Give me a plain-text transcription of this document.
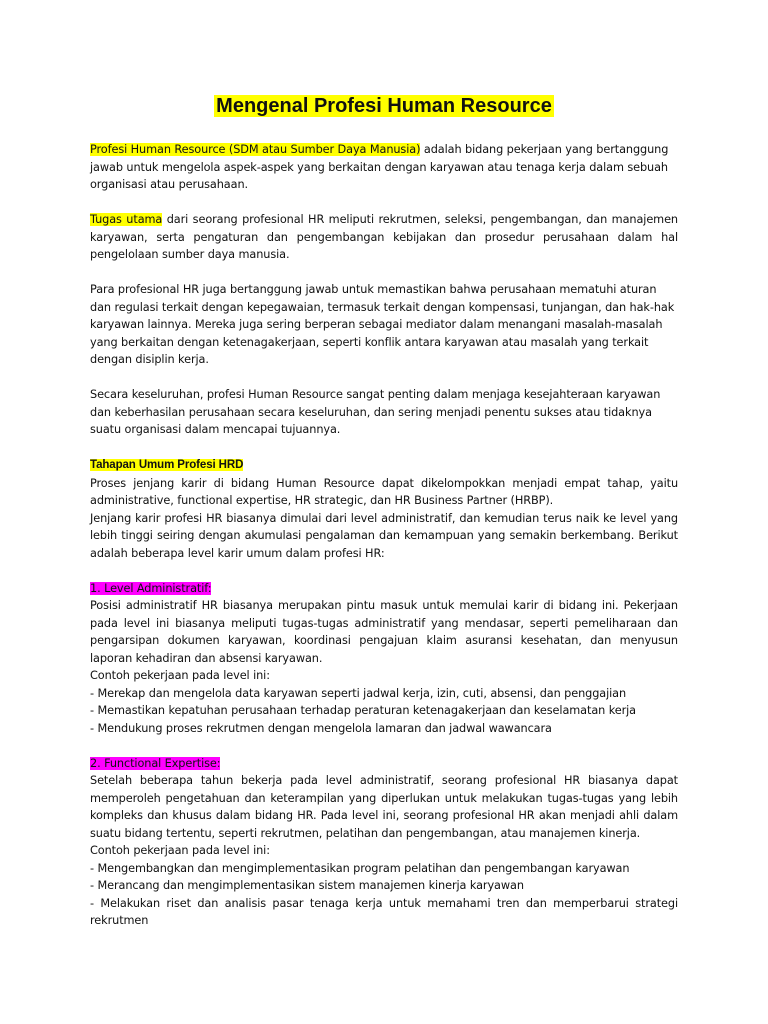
Mengenal Profesi Human Resource

Profesi Human Resource (SDM atau Sumber Daya Manusia) adalah bidang pekerjaan yang bertanggung jawab untuk mengelola aspek-aspek yang berkaitan dengan karyawan atau tenaga kerja dalam sebuah organisasi atau perusahaan.

Tugas utama dari seorang profesional HR meliputi rekrutmen, seleksi, pengembangan, dan manajemen karyawan, serta pengaturan dan pengembangan kebijakan dan prosedur perusahaan dalam hal pengelolaan sumber daya manusia.

Para profesional HR juga bertanggung jawab untuk memastikan bahwa perusahaan mematuhi aturan dan regulasi terkait dengan kepegawaian, termasuk terkait dengan kompensasi, tunjangan, dan hak-hak karyawan lainnya. Mereka juga sering berperan sebagai mediator dalam menangani masalah-masalah yang berkaitan dengan ketenagakerjaan, seperti konflik antara karyawan atau masalah yang terkait dengan disiplin kerja.

Secara keseluruhan, profesi Human Resource sangat penting dalam menjaga kesejahteraan karyawan dan keberhasilan perusahaan secara keseluruhan, dan sering menjadi penentu sukses atau tidaknya suatu organisasi dalam mencapai tujuannya.

Tahapan Umum Profesi HRD

Proses jenjang karir di bidang Human Resource dapat dikelompokkan menjadi empat tahap, yaitu administrative, functional expertise, HR strategic, dan HR Business Partner (HRBP).

Jenjang karir profesi HR biasanya dimulai dari level administratif, dan kemudian terus naik ke level yang lebih tinggi seiring dengan akumulasi pengalaman dan kemampuan yang semakin berkembang. Berikut adalah beberapa level karir umum dalam profesi HR:

1. Level Administratif:

Posisi administratif HR biasanya merupakan pintu masuk untuk memulai karir di bidang ini. Pekerjaan pada level ini biasanya meliputi tugas-tugas administratif yang mendasar, seperti pemeliharaan dan pengarsipan dokumen karyawan, koordinasi pengajuan klaim asuransi kesehatan, dan menyusun laporan kehadiran dan absensi karyawan.

Contoh pekerjaan pada level ini:

- Merekap dan mengelola data karyawan seperti jadwal kerja, izin, cuti, absensi, dan penggajian
- Memastikan kepatuhan perusahaan terhadap peraturan ketenagakerjaan dan keselamatan kerja
- Mendukung proses rekrutmen dengan mengelola lamaran dan jadwal wawancara

2. Functional Expertise:

Setelah beberapa tahun bekerja pada level administratif, seorang profesional HR biasanya dapat memperoleh pengetahuan dan keterampilan yang diperlukan untuk melakukan tugas-tugas yang lebih kompleks dan khusus dalam bidang HR. Pada level ini, seorang profesional HR akan menjadi ahli dalam suatu bidang tertentu, seperti rekrutmen, pelatihan dan pengembangan, atau manajemen kinerja.

Contoh pekerjaan pada level ini:

- Mengembangkan dan mengimplementasikan program pelatihan dan pengembangan karyawan
- Merancang dan mengimplementasikan sistem manajemen kinerja karyawan
- Melakukan riset dan analisis pasar tenaga kerja untuk memahami tren dan memperbarui strategi rekrutmen
